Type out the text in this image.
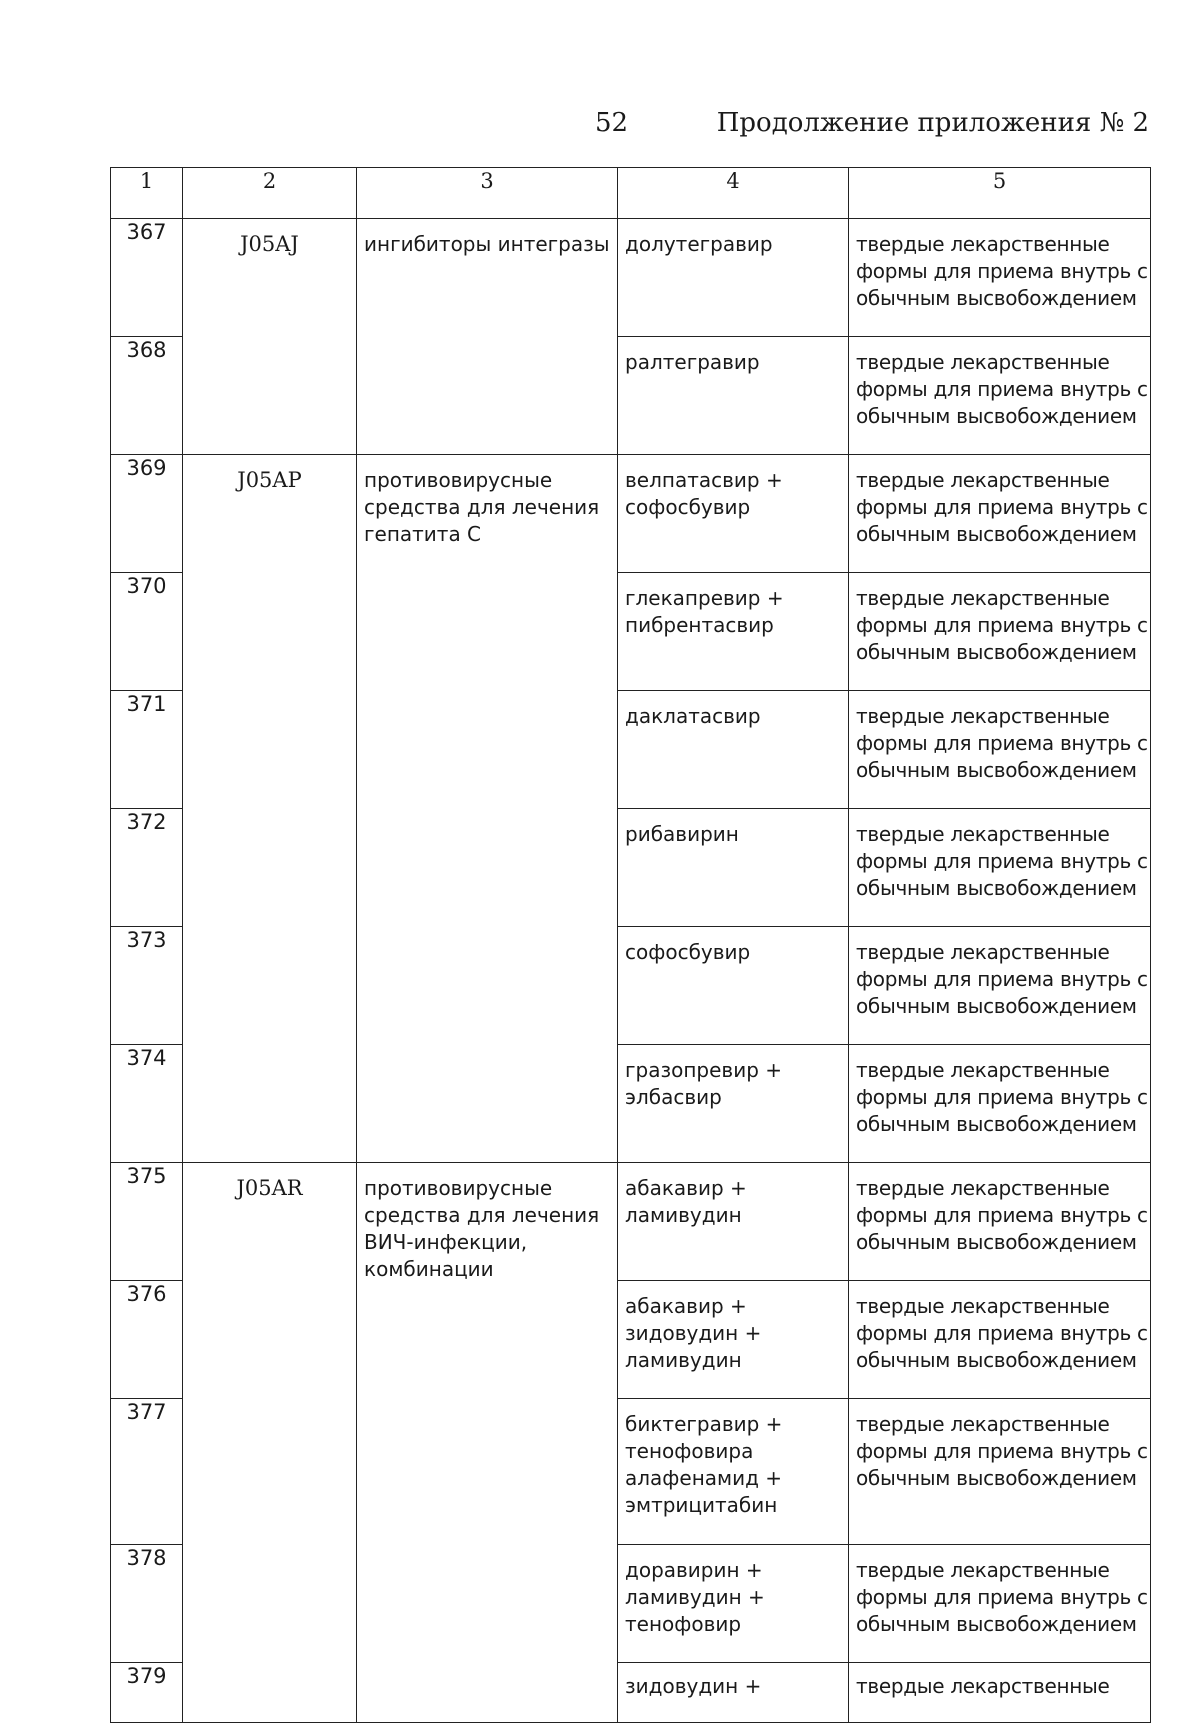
52	Продолжение приложения № 2
1	2	3	4	5
367	J05AJ	ингибиторы интегразы	долутегравир	твердые лекарственные формы для приема внутрь с обычным высвобождением

368			ралтегравир	твердые лекарственные формы для приема внутрь с обычным высвобождением

369	J05AP	противовирусные средства для лечения гепатита С	велпатасвир + софосбувир	твердые лекарственные формы для приема внутрь с обычным высвобождением

370			глекапревир + пибрентасвир	твердые лекарственные формы для приема внутрь с обычным высвобождением

371			даклатасвир	твердые лекарственные формы для приема внутрь с обычным высвобождением

372			рибавирин	твердые лекарственные формы для приема внутрь с обычным высвобождением

373			софосбувир	твердые лекарственные формы для приема внутрь с обычным высвобождением

374			гразопревир + элбасвир	твердые лекарственные формы для приема внутрь с обычным высвобождением

375	J05AR	противовирусные средства для лечения ВИЧ-инфекции, комбинации	абакавир + ламивудин	твердые лекарственные формы для приема внутрь с обычным высвобождением

376			абакавир + зидовудин + ламивудин	твердые лекарственные формы для приема внутрь с обычным высвобождением

377			биктегравир + тенофовира алафенамид + эмтрицитабин	твердые лекарственные формы для приема внутрь с обычным высвобождением

378			доравирин + ламивудин + тенофовир	твердые лекарственные формы для приема внутрь с обычным высвобождением

379			зидовудин +	твердые лекарственные
